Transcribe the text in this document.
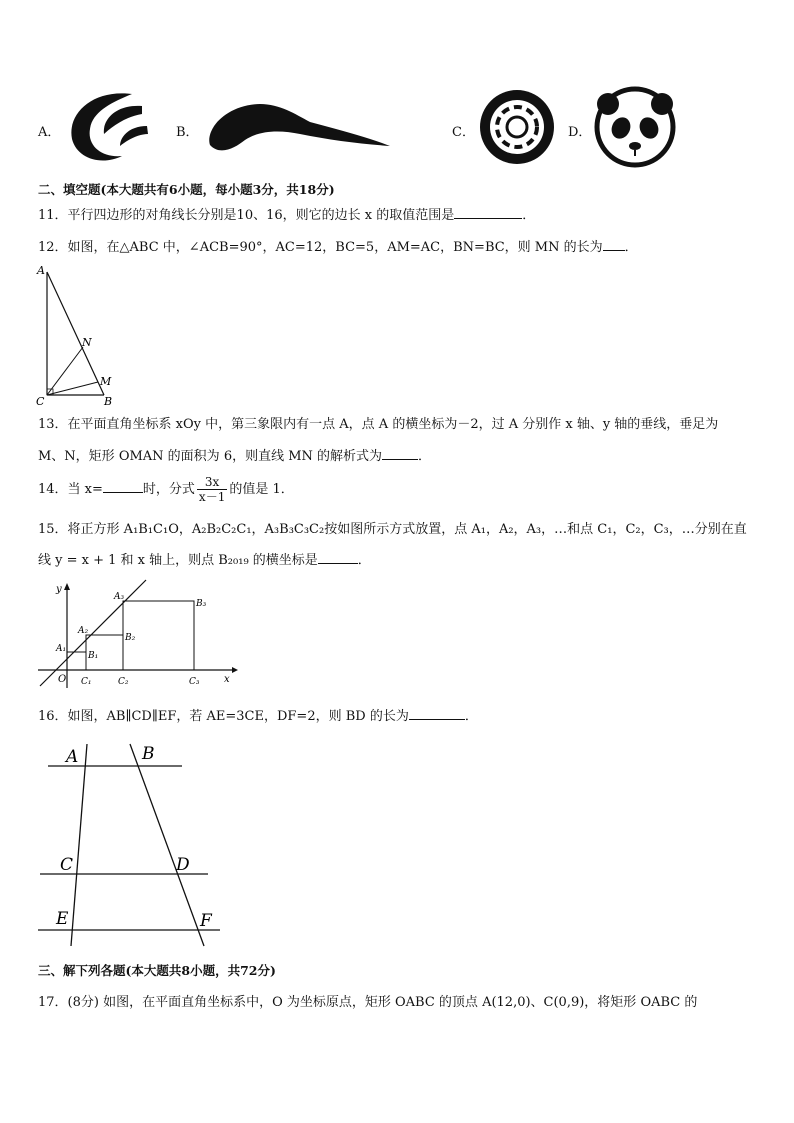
A．	B．	C．	D．
二、填空题(本大题共有6小题，每小题3分，共18分)
11．平行四边形的对角线长分别是10、16，则它的边长 x 的取值范围是	．
12．如图，在△ABC 中，∠ACB=90°，AC=12，BC=5，AM=AC，BN=BC，则 MN 的长为 ．
A
N
M
C	B
13．在平面直角坐标系 xOy 中，第三象限内有一点 A，点 A 的横坐标为－2，过 A 分别作 x 轴、y 轴的垂线，垂足为
M、N，矩形 OMAN 的面积为 6，则直线 MN 的解析式为	．
14．当 x=	时，分式 $\frac{3x}{x-1}$ 的值是 1．
15．将正方形 A₁B₁C₁O，A₂B₂C₂C₁，A₃B₃C₃C₂按如图所示方式放置，点 A₁，A₂，A₃，…和点 C₁，C₂，C₃，…分别在直
线 y = x + 1 和 x 轴上，则点 B₂₀₁₉ 的横坐标是	．
y
x
O
A₁
A₂
A₃
B₁
B₂
B₃
C₁	C₂	C₃
16．如图，AB∥CD∥EF，若 AE=3CE，DF=2，则 BD 的长为	．
A	B
C	D
E	F
三、解下列各题(本大题共8小题，共72分)
17．(8分) 如图，在平面直角坐标系中，O 为坐标原点，矩形 OABC 的顶点 A(12,0)、C(0,9)，将矩形 OABC 的
